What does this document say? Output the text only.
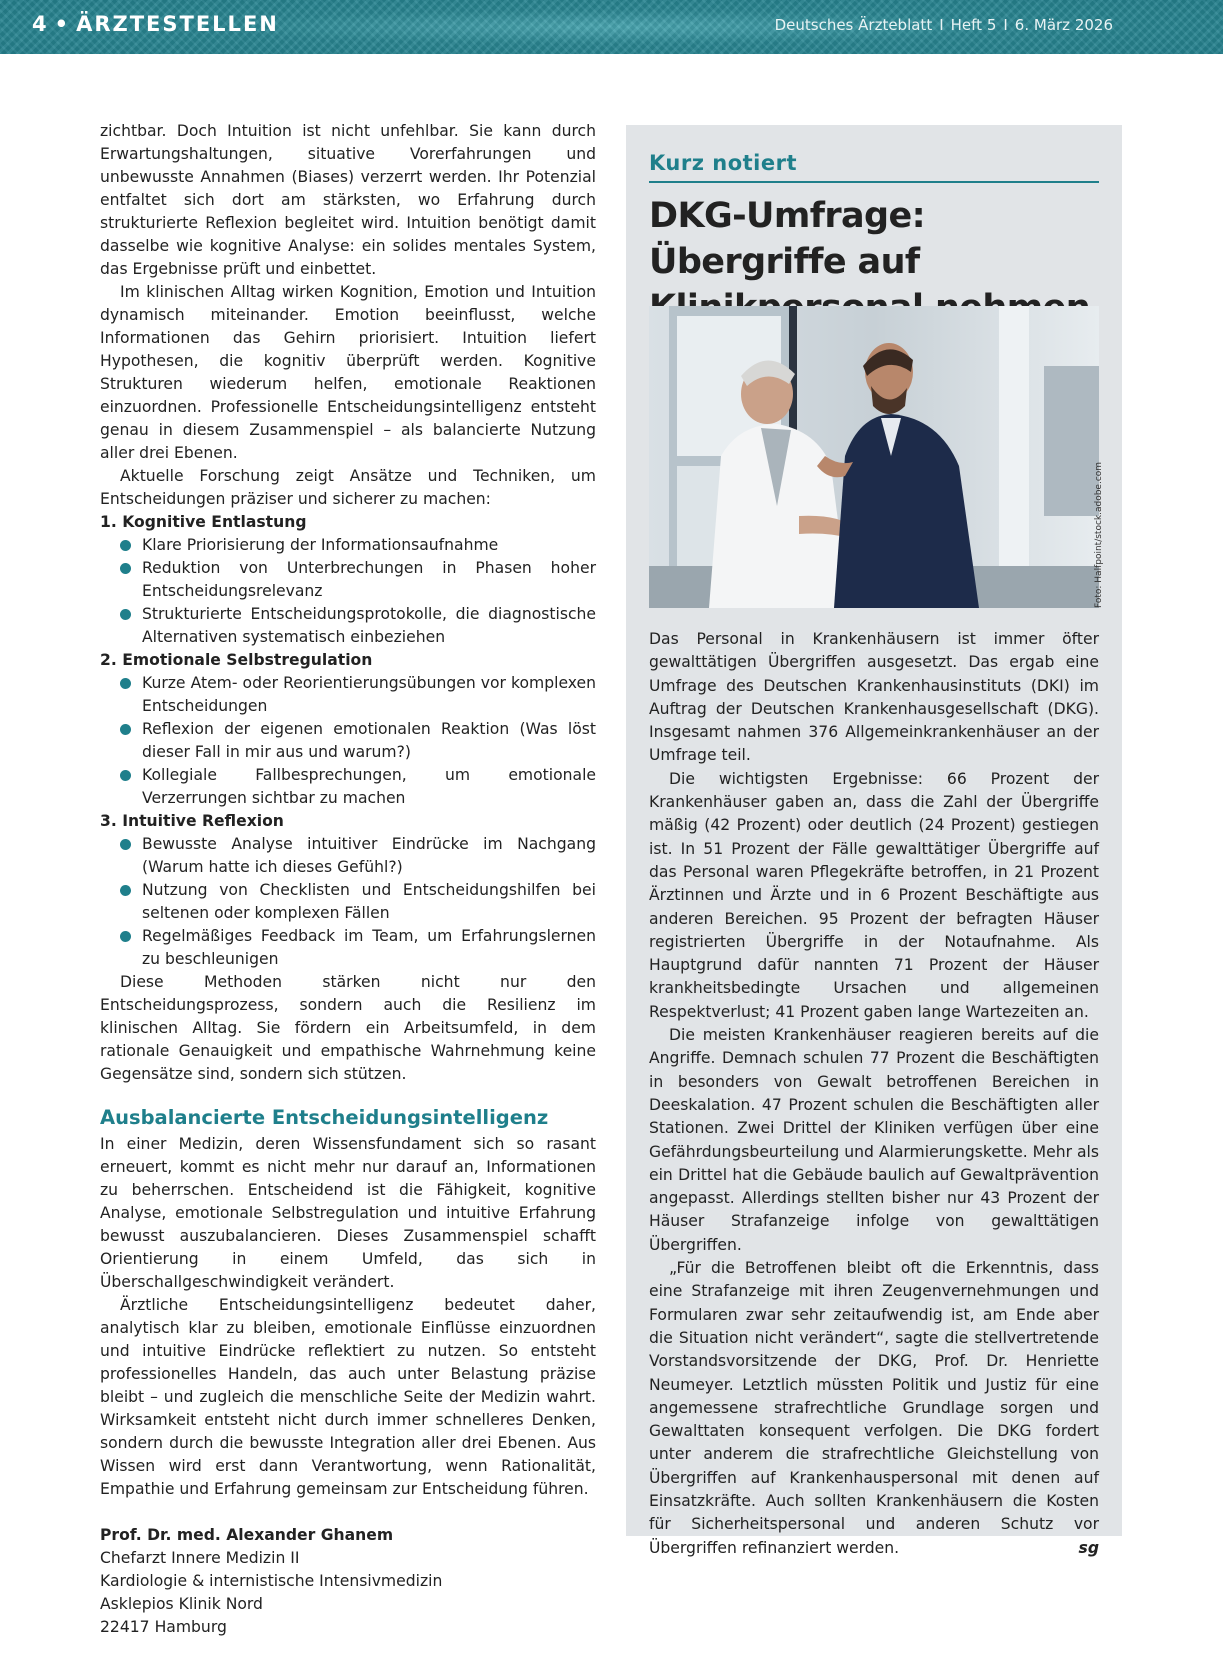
4 • ÄRZTESTELLEN	Deutsches Ärzteblatt I Heft 5 I 6. März 2026

zichtbar. Doch Intuition ist nicht unfehlbar. Sie kann durch Erwartungshaltungen, situative Vorerfahrungen und unbewusste Annahmen (Biases) verzerrt werden. Ihr Potenzial entfaltet sich dort am stärksten, wo Erfahrung durch strukturierte Reflexion begleitet wird. Intuition benötigt damit dasselbe wie kognitive Analyse: ein solides mentales System, das Ergebnisse prüft und einbettet.

Im klinischen Alltag wirken Kognition, Emotion und Intuition dynamisch miteinander. Emotion beeinflusst, welche Informationen das Gehirn priorisiert. Intuition liefert Hypothesen, die kognitiv überprüft werden. Kognitive Strukturen wiederum helfen, emotionale Reaktionen einzuordnen. Professionelle Entscheidungsintelligenz entsteht genau in diesem Zusammenspiel – als balancierte Nutzung aller drei Ebenen.

Aktuelle Forschung zeigt Ansätze und Techniken, um Entscheidungen präziser und sicherer zu machen:

1. Kognitive Entlastung

Klare Priorisierung der Informationsaufnahme
Reduktion von Unterbrechungen in Phasen hoher Entscheidungsrelevanz
Strukturierte Entscheidungsprotokolle, die diagnostische Alternativen systematisch einbeziehen

2. Emotionale Selbstregulation

Kurze Atem- oder Reorientierungsübungen vor komplexen Entscheidungen
Reflexion der eigenen emotionalen Reaktion (Was löst dieser Fall in mir aus und warum?)
Kollegiale Fallbesprechungen, um emotionale Verzerrungen sichtbar zu machen

3. Intuitive Reflexion

Bewusste Analyse intuitiver Eindrücke im Nachgang (Warum hatte ich dieses Gefühl?)
Nutzung von Checklisten und Entscheidungshilfen bei seltenen oder komplexen Fällen
Regelmäßiges Feedback im Team, um Erfahrungslernen zu beschleunigen

Diese Methoden stärken nicht nur den Entscheidungsprozess, sondern auch die Resilienz im klinischen Alltag. Sie fördern ein Arbeitsumfeld, in dem rationale Genauigkeit und empathische Wahrnehmung keine Gegensätze sind, sondern sich stützen.

Ausbalancierte Entscheidungsintelligenz

In einer Medizin, deren Wissensfundament sich so rasant erneuert, kommt es nicht mehr nur darauf an, Informationen zu beherrschen. Entscheidend ist die Fähigkeit, kognitive Analyse, emotionale Selbstregulation und intuitive Erfahrung bewusst auszubalancieren. Dieses Zusammenspiel schafft Orientierung in einem Umfeld, das sich in Überschallgeschwindigkeit verändert.

Ärztliche Entscheidungsintelligenz bedeutet daher, analytisch klar zu bleiben, emotionale Einflüsse einzuordnen und intuitive Eindrücke reflektiert zu nutzen. So entsteht professionelles Handeln, das auch unter Belastung präzise bleibt – und zugleich die menschliche Seite der Medizin wahrt. Wirksamkeit entsteht nicht durch immer schnelleres Denken, sondern durch die bewusste Integration aller drei Ebenen. Aus Wissen wird erst dann Verantwortung, wenn Rationalität, Empathie und Erfahrung gemeinsam zur Entscheidung führen.

Prof. Dr. med. Alexander Ghanem
Chefarzt Innere Medizin II
Kardiologie & internistische Intensivmedizin
Asklepios Klinik Nord
22417 Hamburg
Kurz notiert
DKG-Umfrage: Übergriffe auf
Foto: Halfpoint/stock.adobe.com

Das Personal in Krankenhäusern ist immer öfter gewalttätigen Übergriffen ausgesetzt. Das ergab eine Umfrage des Deutschen Krankenhausinstituts (DKI) im Auftrag der Deutschen Krankenhausgesellschaft (DKG). Insgesamt nahmen 376 Allgemeinkrankenhäuser an der Umfrage teil.

Die wichtigsten Ergebnisse: 66 Prozent der Krankenhäuser gaben an, dass die Zahl der Übergriffe mäßig (42 Prozent) oder deutlich (24 Prozent) gestiegen ist. In 51 Prozent der Fälle gewalttätiger Übergriffe auf das Personal waren Pflegekräfte betroffen, in 21 Prozent Ärztinnen und Ärzte und in 6 Prozent Beschäftigte aus anderen Bereichen. 95 Prozent der befragten Häuser registrierten Übergriffe in der Notaufnahme. Als Hauptgrund dafür nannten 71 Prozent der Häuser krankheitsbedingte Ursachen und allgemeinen Respektverlust; 41 Prozent gaben lange Wartezeiten an.

Die meisten Krankenhäuser reagieren bereits auf die Angriffe. Demnach schulen 77 Prozent die Beschäftigten in besonders von Gewalt betroffenen Bereichen in Deeskalation. 47 Prozent schulen die Beschäftigten aller Stationen. Zwei Drittel der Kliniken verfügen über eine Gefährdungsbeurteilung und Alarmierungskette. Mehr als ein Drittel hat die Gebäude baulich auf Gewaltprävention angepasst. Allerdings stellten bisher nur 43 Prozent der Häuser Strafanzeige infolge von gewalttätigen Übergriffen.

„Für die Betroffenen bleibt oft die Erkenntnis, dass eine Strafanzeige mit ihren Zeugenvernehmungen und Formularen zwar sehr zeitaufwendig ist, am Ende aber die Situation nicht verändert“, sagte die stellvertretende Vorstandsvorsitzende der DKG, Prof. Dr. Henriette Neumeyer. Letztlich müssten Politik und Justiz für eine angemessene strafrechtliche Grundlage sorgen und Gewalttaten konsequent verfolgen. Die DKG fordert unter anderem die strafrechtliche Gleichstellung von Übergriffen auf Krankenhauspersonal mit denen auf Einsatzkräfte. Auch sollten Krankenhäusern die Kosten für Sicherheitspersonal und anderen Schutz vor Übergriffen refinanziert werden.	sg
